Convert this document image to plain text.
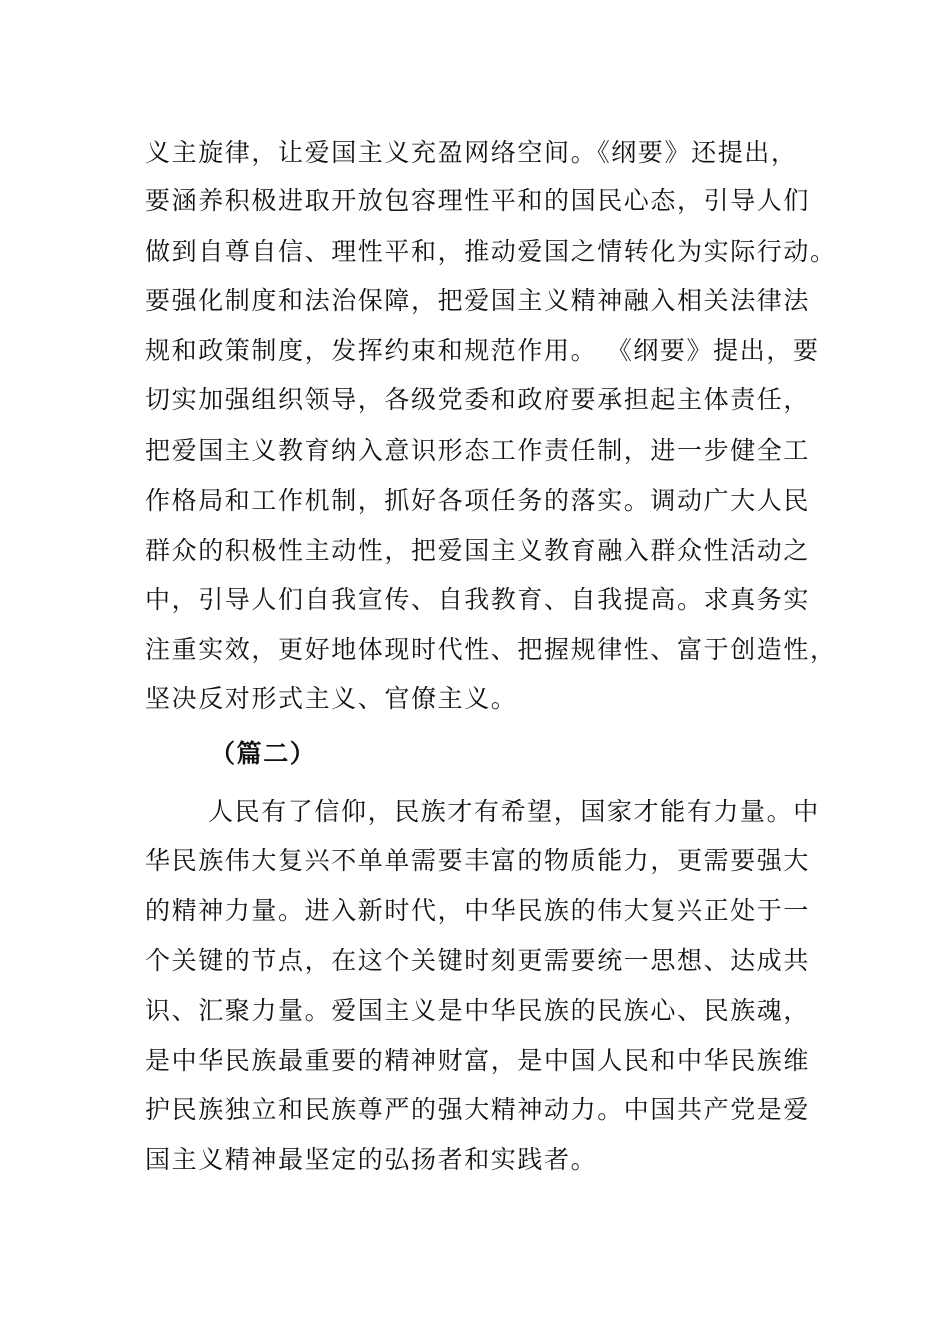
义主旋律，让爱国主义充盈网络空间。《纲要》还提出，
要涵养积极进取开放包容理性平和的国民心态，引导人们
做到自尊自信、理性平和，推动爱国之情转化为实际行动。
要强化制度和法治保障，把爱国主义精神融入相关法律法
规和政策制度，发挥约束和规范作用。 《纲要》提出，要
切实加强组织领导，各级党委和政府要承担起主体责任，
把爱国主义教育纳入意识形态工作责任制，进一步健全工
作格局和工作机制，抓好各项任务的落实。调动广大人民
群众的积极性主动性，把爱国主义教育融入群众性活动之
中，引导人们自我宣传、自我教育、自我提高。求真务实
注重实效，更好地体现时代性、把握规律性、富于创造性，
坚决反对形式主义、官僚主义。
（篇二）
人民有了信仰，民族才有希望，国家才能有力量。中
华民族伟大复兴不单单需要丰富的物质能力，更需要强大
的精神力量。进入新时代，中华民族的伟大复兴正处于一
个关键的节点，在这个关键时刻更需要统一思想、达成共
识、汇聚力量。爱国主义是中华民族的民族心、民族魂，
是中华民族最重要的精神财富，是中国人民和中华民族维
护民族独立和民族尊严的强大精神动力。中国共产党是爱
国主义精神最坚定的弘扬者和实践者。
